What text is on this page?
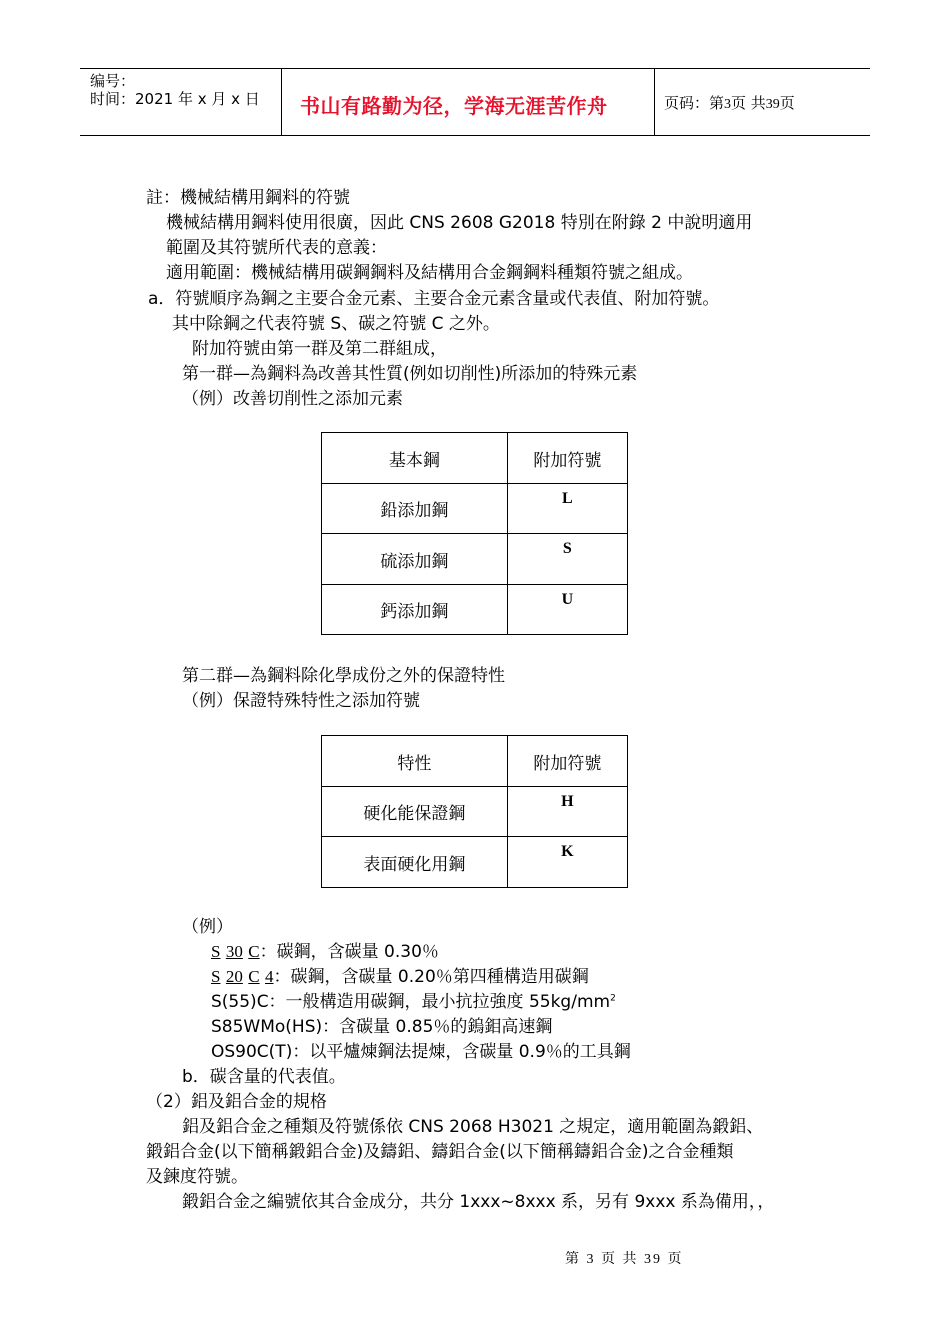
编号：
时间：2021 年 x 月 x 日 书山有路勤为径，学海无涯苦作舟	页码：第3页 共39页
註：機械結構用鋼料的符號
機械結構用鋼料使用很廣，因此 CNS 2608 G2018 特別在附錄 2 中說明適用
範圍及其符號所代表的意義：
適用範圍：機械結構用碳鋼鋼料及結構用合金鋼鋼料種類符號之組成。
a．符號順序為鋼之主要合金元素、主要合金元素含量或代表值、附加符號。
其中除鋼之代表符號 S、碳之符號 C 之外。
附加符號由第一群及第二群組成，
第一群—為鋼料為改善其性質(例如切削性)所添加的特殊元素
（例）改善切削性之添加元素
基本鋼	附加符號
鉛添加鋼	L
硫添加鋼	S
鈣添加鋼	U
第二群—為鋼料除化學成份之外的保證特性
（例）保證特殊特性之添加符號
特性	附加符號
硬化能保證鋼	H
表面硬化用鋼	K
（例）
S 30 C：碳鋼，含碳量 0.30％
S 20 C 4：碳鋼，含碳量 0.20％第四種構造用碳鋼
S(55)C：一般構造用碳鋼，最小抗拉強度 $55kg/mm^2$
S85WMo(HS)：含碳量 0.85％的鎢鉬高速鋼
OS90C(T)：以平爐煉鋼法提煉，含碳量 0.9％的工具鋼
b．碳含量的代表值。
（2）鋁及鋁合金的規格
鋁及鋁合金之種類及符號係依 CNS 2068 H3021 之規定，適用範圍為鍛鋁、
鍛鋁合金(以下簡稱鍛鋁合金)及鑄鋁、鑄鋁合金(以下簡稱鑄鋁合金)之合金種類
及鍊度符號。
鍛鋁合金之編號依其合金成分，共分 1xxx~8xxx 系，另有 9xxx 系為備用，，
第 3 页 共 39 页
